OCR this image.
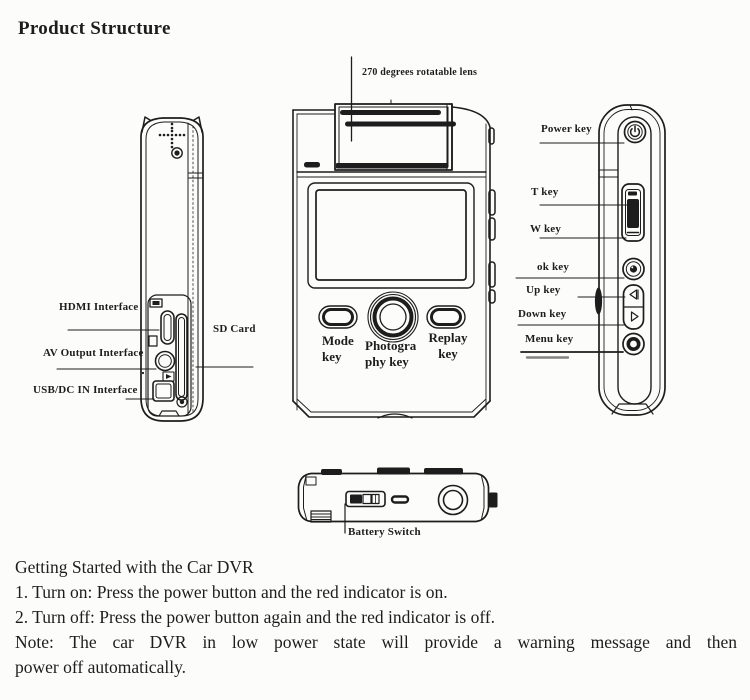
Product Structure
270 degrees rotatable lens
HDMI Interface
AV Output Interface
USB/DC IN Interface
SD Card
Mode key
Photogra phy key
Replay key
Power key
T key
W key
ok key
Up key
Down key
Menu key
Battery Switch
Getting Started with the Car DVR
1. Turn on: Press the power button and the red indicator is on.
2. Turn off: Press the power button again and the red indicator is off.
Note: The car DVR in low power state will provide a warning message and then
power off automatically.
